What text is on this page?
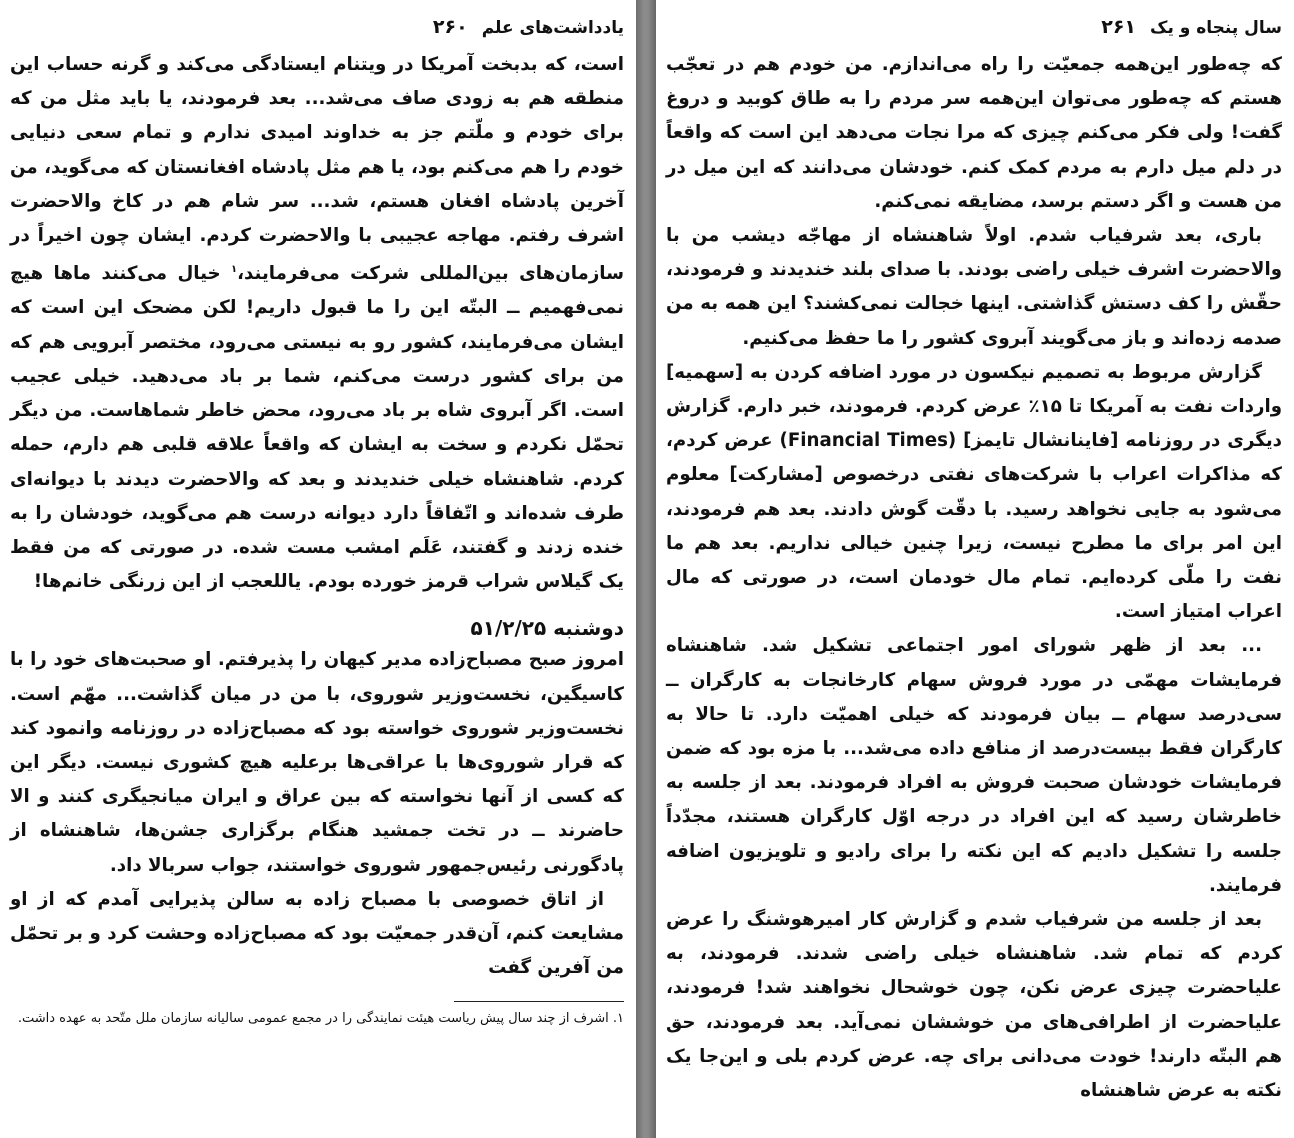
۲۶۰ یادداشت‌های علم

است، که بدبخت آمریکا در ویتنام ایستادگی می‌کند و گرنه حساب این منطقه هم به زودی صاف می‌شد... بعد فرمودند، یا باید مثل من که برای خودم و ملّتم جز به خداوند امیدی ندارم و تمام سعی دنیایی خودم را هم می‌کنم بود، یا هم مثل پادشاه افغانستان که می‌گوید، من آخرین پادشاه افغان هستم، شد... سر شام هم در کاخ والاحضرت اشرف رفتم. مهاجه عجیبی با والاحضرت کردم. ایشان چون اخیراً در سازمان‌های بین‌المللی شرکت می‌فرمایند،$^۱$ خیال می‌کنند ماها هیچ نمی‌فهمیم ــ البتّه این را ما قبول داریم! لکن مضحک این است که ایشان می‌فرمایند، کشور رو به نیستی می‌رود، مختصر آبرویی هم که من برای کشور درست می‌کنم، شما بر باد می‌دهید. خیلی عجیب است. اگر آبروی شاه بر باد می‌رود، محض خاطر شماهاست. من دیگر تحمّل نکردم و سخت به ایشان که واقعاً علاقه قلبی هم دارم، حمله کردم. شاهنشاه خیلی خندیدند و بعد که والاحضرت دیدند با دیوانه‌ای طرف شده‌اند و اتّفاقاً دارد دیوانه درست هم می‌گوید، خودشان را به خنده زدند و گفتند، عَلَم امشب مست شده. در صورتی که من فقط یک گیلاس شراب قرمز خورده بودم. یاللعجب از این زرنگی خانم‌ها!

دوشنبه ۵۱/۲/۲۵

امروز صبح مصباح‌زاده مدیر کیهان را پذیرفتم. او صحبت‌های خود را با کاسیگین، نخست‌وزیر شوروی، با من در میان گذاشت... مهّم است. نخست‌وزیر شوروی خواسته بود که مصباح‌زاده در روزنامه وانمود کند که قرار شوروی‌ها با عراقی‌ها برعلیه هیچ کشوری نیست. دیگر این که کسی از آنها نخواسته که بین عراق و ایران میانجیگری کنند و الا حاضرند ــ در تخت جمشید هنگام برگزاری جشن‌ها، شاهنشاه از پادگورنی رئیس‌جمهور شوروی خواستند، جواب سربالا داد.

از اتاق خصوصی با مصباح زاده به سالن پذیرایی آمدم که از او مشایعت کنم، آن‌قدر جمعیّت بود که مصباح‌زاده وحشت کرد و بر تحمّل من آفرین گفت

۱. اشرف از چند سال پیش ریاست هیئت نمایندگی را در مجمع عمومی سالیانه سازمان ملل متّحد به عهده داشت.

سال پنجاه و یک
۲۶۱

که چه‌طور این‌همه جمعیّت را راه می‌اندازم. من خودم هم در تعجّب هستم که چه‌طور می‌توان این‌همه سر مردم را به طاق کوبید و دروغ گفت! ولی فکر می‌کنم چیزی که مرا نجات می‌دهد این است که واقعاً در دلم میل دارم به مردم کمک کنم. خودشان می‌دانند که این میل در من هست و اگر دستم برسد، مضایقه نمی‌کنم.

باری، بعد شرفیاب شدم. اولاً شاهنشاه از مهاجّه دیشب من با والاحضرت اشرف خیلی راضی بودند. با صدای بلند خندیدند و فرمودند، حقّش را کف دستش گذاشتی. اینها خجالت نمی‌کشند؟ این همه به من صدمه زده‌اند و باز می‌گویند آبروی کشور را ما حفظ می‌کنیم.

گزارش مربوط به تصمیم نیکسون در مورد اضافه کردن به [سهمیه] واردات نفت به آمریکا تا ۱۵٪ عرض کردم. فرمودند، خبر دارم. گزارش دیگری در روزنامه [فاینانشال تایمز] (Financial Times) عرض کردم، که مذاکرات اعراب با شرکت‌های نفتی درخصوص [مشارکت] معلوم می‌شود به جایی نخواهد رسید. با دقّت گوش دادند. بعد هم فرمودند، این امر برای ما مطرح نیست، زیرا چنین خیالی نداریم. بعد هم ما نفت را ملّی کرده‌ایم. تمام مال خودمان است، در صورتی که مال اعراب امتیاز است.

... بعد از ظهر شورای امور اجتماعی تشکیل شد. شاهنشاه فرمایشات مهمّی در مورد فروش سهام کارخانجات به کارگران ــ سی‌درصد سهام ــ بیان فرمودند که خیلی اهمیّت دارد. تا حالا به کارگران فقط بیست‌درصد از منافع داده می‌شد... با مزه بود که ضمن فرمایشات خودشان صحبت فروش به افراد فرمودند. بعد از جلسه به خاطرشان رسید که این افراد در درجه اوّل کارگران هستند، مجدّداً جلسه را تشکیل دادیم که این نکته را برای رادیو و تلویزیون اضافه فرمایند.

بعد از جلسه من شرفیاب شدم و گزارش کار امیرهوشنگ را عرض کردم که تمام شد. شاهنشاه خیلی راضی شدند. فرمودند، به علیاحضرت چیزی عرض نکن، چون خوشحال نخواهند شد! فرمودند، علیاحضرت از اطرافی‌های من خوششان نمی‌آید. بعد فرمودند، حق هم البتّه دارند! خودت می‌دانی برای چه. عرض کردم بلی و این‌جا یک نکته به عرض شاهنشاه
